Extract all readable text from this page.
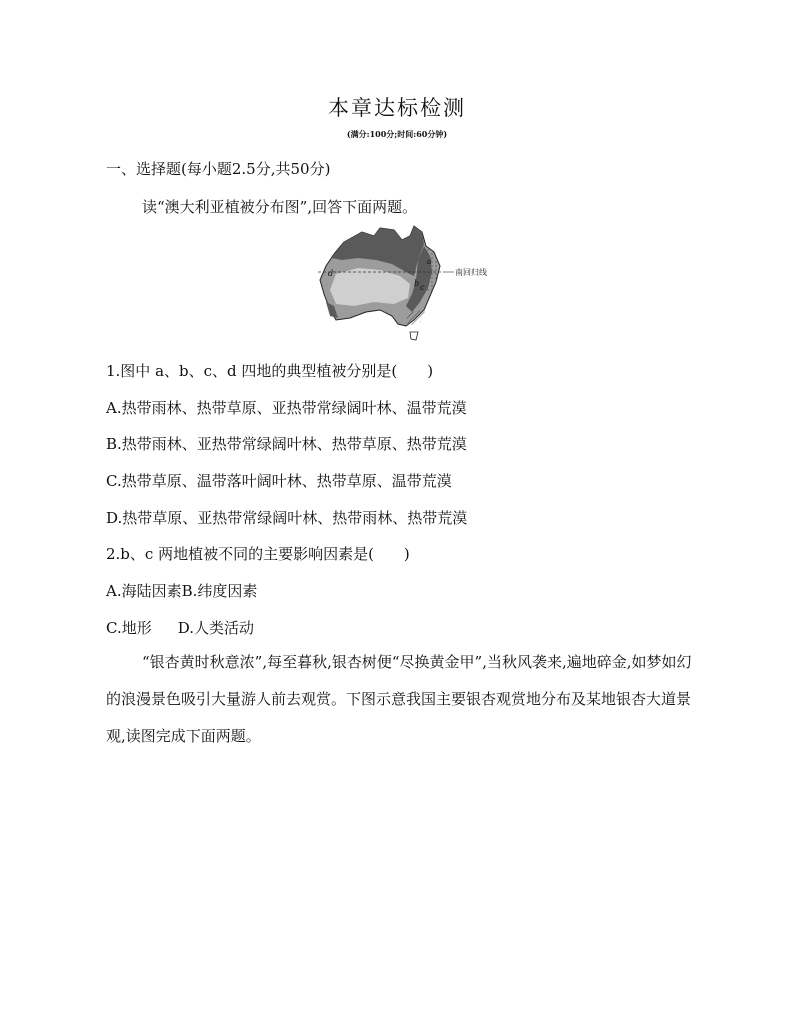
本章达标检测
(满分:100分;时间:60分钟)
一、选择题(每小题2.5分,共50分)
读“澳大利亚植被分布图”,回答下面两题。
南回归线
a
b c
d
1.图中 a、b、c、d 四地的典型植被分别是(　　)
A.热带雨林、热带草原、亚热带常绿阔叶林、温带荒漠
B.热带雨林、亚热带常绿阔叶林、热带草原、热带荒漠
C.热带草原、温带落叶阔叶林、热带草原、温带荒漠
D.热带草原、亚热带常绿阔叶林、热带雨林、热带荒漠
2.b、c 两地植被不同的主要影响因素是(　　)
A.海陆因素B.纬度因素
C.地形 D.人类活动
“银杏黄时秋意浓”,每至暮秋,银杏树便“尽换黄金甲”,当秋风袭来,遍地碎金,如梦如幻的浪漫景色吸引大量游人前去观赏。下图示意我国主要银杏观赏地分布及某地银杏大道景观,读图完成下面两题。
